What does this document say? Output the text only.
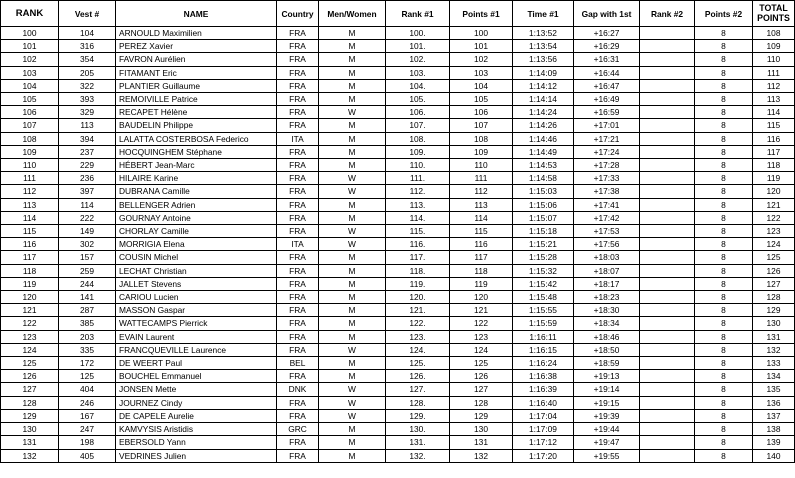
RANK	Vest #	NAME	Country	Men/Women	Rank #1	Points #1	Time #1	Gap with 1st	Rank #2	Points #2	TOTAL POINTS
100	104	ARNOULD Maximilien	FRA	M	100.	100	1:13:52	+16:27		8	108
101	316	PEREZ Xavier	FRA	M	101.	101	1:13:54	+16:29		8	109
102	354	FAVRON Aurélien	FRA	M	102.	102	1:13:56	+16:31		8	110
103	205	FITAMANT Eric	FRA	M	103.	103	1:14:09	+16:44		8	111
104	322	PLANTIER Guillaume	FRA	M	104.	104	1:14:12	+16:47		8	112
105	393	REMOIVILLE Patrice	FRA	M	105.	105	1:14:14	+16:49		8	113
106	329	RECAPET Hélène	FRA	W	106.	106	1:14:24	+16:59		8	114
107	113	BAUDELIN Philippe	FRA	M	107.	107	1:14:26	+17:01		8	115
108	394	LALATTA COSTERBOSA Federico	ITA	M	108.	108	1:14:46	+17:21		8	116
109	237	HOCQUINGHEM Stéphane	FRA	M	109.	109	1:14:49	+17:24		8	117
110	229	HÉBERT Jean-Marc	FRA	M	110.	110	1:14:53	+17:28		8	118
111	236	HILAIRE Karine	FRA	W	111.	111	1:14:58	+17:33		8	119
112	397	DUBRANA Camille	FRA	W	112.	112	1:15:03	+17:38		8	120
113	114	BELLENGER Adrien	FRA	M	113.	113	1:15:06	+17:41		8	121
114	222	GOURNAY Antoine	FRA	M	114.	114	1:15:07	+17:42		8	122
115	149	CHORLAY Camille	FRA	W	115.	115	1:15:18	+17:53		8	123
116	302	MORRIGIA Elena	ITA	W	116.	116	1:15:21	+17:56		8	124
117	157	COUSIN Michel	FRA	M	117.	117	1:15:28	+18:03		8	125
118	259	LECHAT Christian	FRA	M	118.	118	1:15:32	+18:07		8	126
119	244	JALLET Stevens	FRA	M	119.	119	1:15:42	+18:17		8	127
120	141	CARIOU Lucien	FRA	M	120.	120	1:15:48	+18:23		8	128
121	287	MASSON Gaspar	FRA	M	121.	121	1:15:55	+18:30		8	129
122	385	WATTECAMPS Pierrick	FRA	M	122.	122	1:15:59	+18:34		8	130
123	203	EVAIN Laurent	FRA	M	123.	123	1:16:11	+18:46		8	131
124	335	FRANCQUEVILLE Laurence	FRA	W	124.	124	1:16:15	+18:50		8	132
125	172	DE WEERT Paul	BEL	M	125.	125	1:16:24	+18:59		8	133
126	125	BOUCHEL Emmanuel	FRA	M	126.	126	1:16:38	+19:13		8	134
127	404	JONSEN Mette	DNK	W	127.	127	1:16:39	+19:14		8	135
128	246	JOURNEZ Cindy	FRA	W	128.	128	1:16:40	+19:15		8	136
129	167	DE CAPELE Aurelie	FRA	W	129.	129	1:17:04	+19:39		8	137
130	247	KAMVYSIS Aristidis	GRC	M	130.	130	1:17:09	+19:44		8	138
131	198	EBERSOLD Yann	FRA	M	131.	131	1:17:12	+19:47		8	139
132	405	VEDRINES Julien	FRA	M	132.	132	1:17:20	+19:55		8	140
